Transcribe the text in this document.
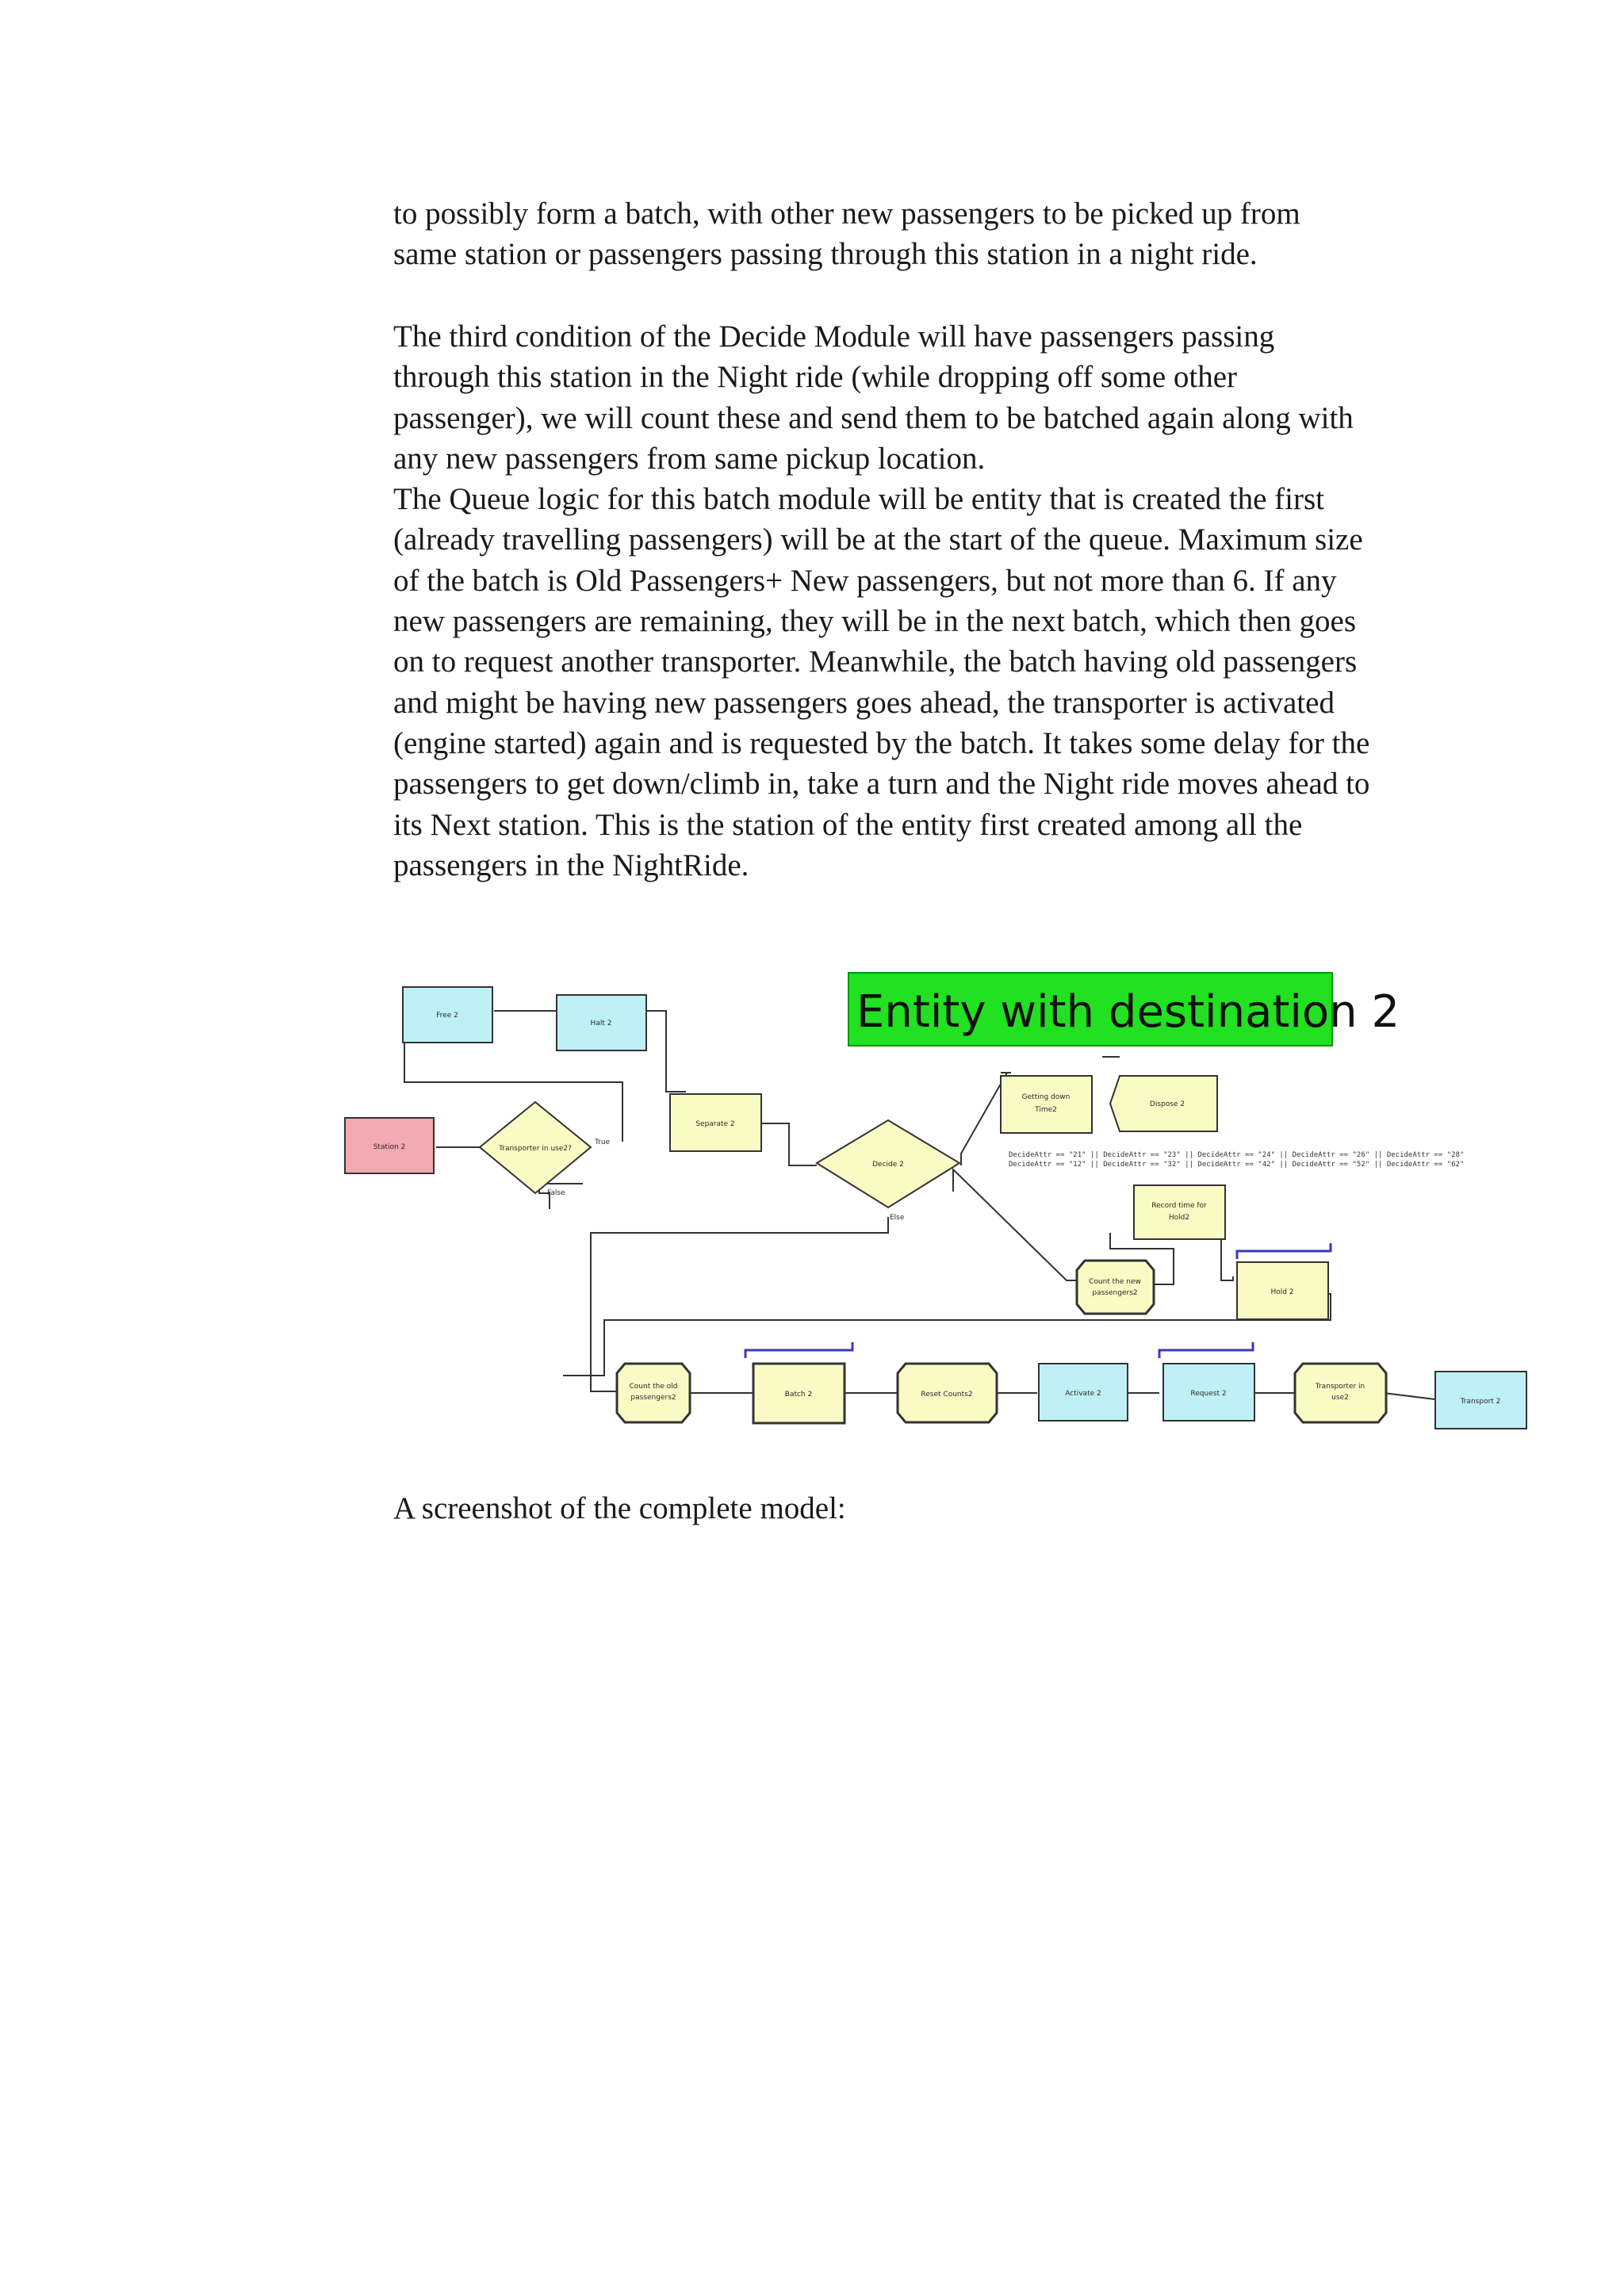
to possibly form a batch, with other new passengers to be picked up from
same station or passengers passing through this station in a night ride.

The third condition of the Decide Module will have passengers passing
through this station in the Night ride (while dropping off some other
passenger), we will count these and send them to be batched again along with
any new passengers from same pickup location.
The Queue logic for this batch module will be entity that is created the first
(already travelling passengers) will be at the start of the queue. Maximum size
of the batch is Old Passengers+ New passengers, but not more than 6. If any
new passengers are remaining, they will be in the next batch, which then goes
on to request another transporter. Meanwhile, the batch having old passengers
and might be having new passengers goes ahead, the transporter is activated
(engine started) again and is requested by the batch. It takes some delay for the
passengers to get down/climb in, take a turn and the Night ride moves ahead to
its Next station. This is the station of the entity first created among all the
passengers in the NightRide.

Entity with destination 2
Free 2
Halt 2
Station 2	Transporter in use2?
True
False
Separate 2
Decide 2
Else
Getting down
Time2
Dispose 2
DecideAttr == "21" || DecideAttr == "23" || DecideAttr == "24" || DecideAttr == "26" || DecideAttr == "28"
DecideAttr == "12" || DecideAttr == "32" || DecideAttr == "42" || DecideAttr == "52" || DecideAttr == "62"
Record time for
Hold2
Count the new
passengers2	Hold 2
Count the old
passengers2	Batch 2	Reset Counts2	Activate 2	Request 2
Transporter in
use2	Transport 2

A screenshot of the complete model:
